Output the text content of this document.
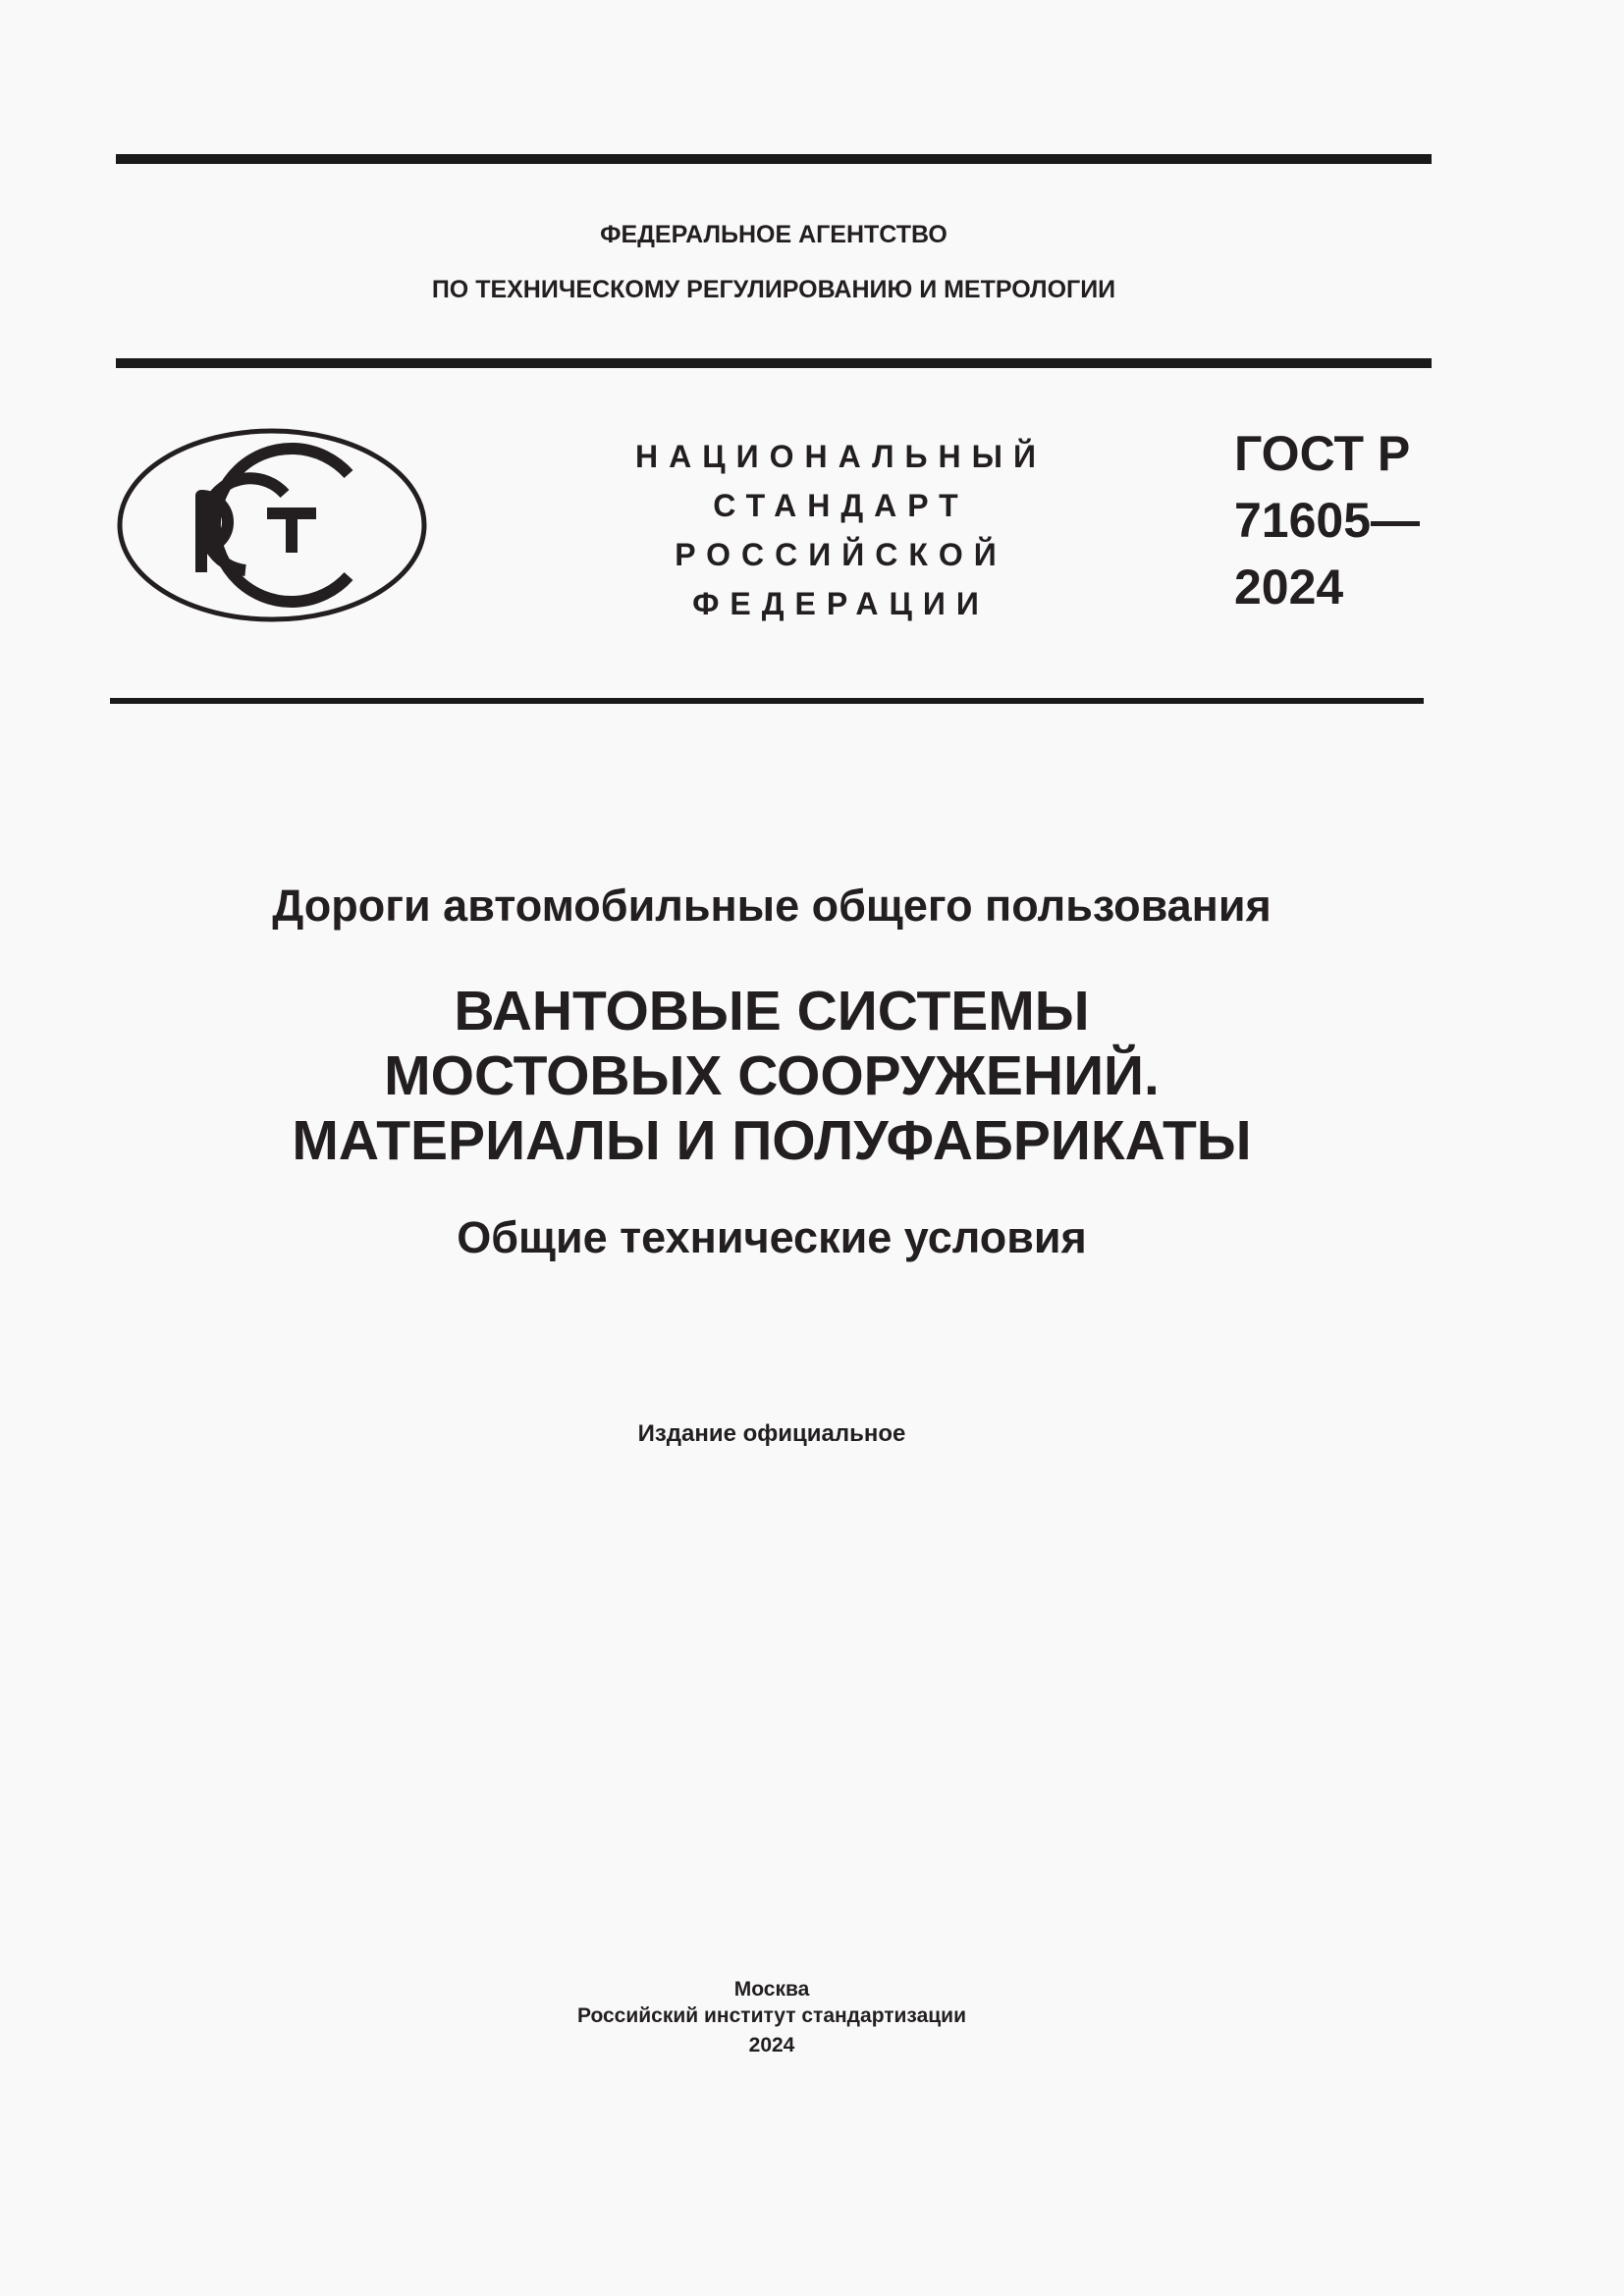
ФЕДЕРАЛЬНОЕ АГЕНТСТВО
ПО ТЕХНИЧЕСКОМУ РЕГУЛИРОВАНИЮ И МЕТРОЛОГИИ
НАЦИОНАЛЬНЫЙ
СТАНДАРТ
РОССИЙСКОЙ
ФЕДЕРАЦИИ
ГОСТ Р
71605—
2024
Дороги автомобильные общего пользования
ВАНТОВЫЕ СИСТЕМЫ
МОСТОВЫХ СООРУЖЕНИЙ.
МАТЕРИАЛЫ И ПОЛУФАБРИКАТЫ
Общие технические условия
Издание официальное
Москва
Российский институт стандартизации
2024
